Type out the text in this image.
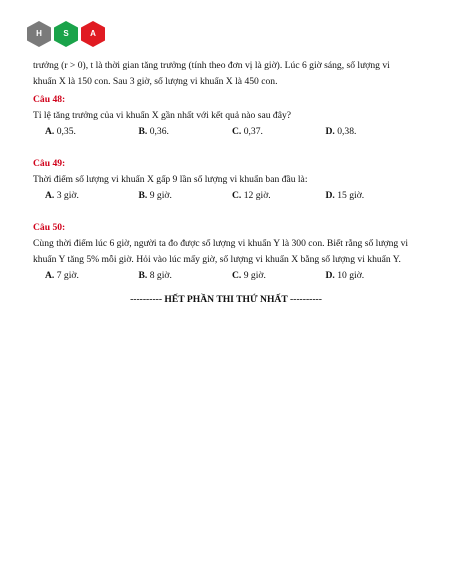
H	S	A

trưởng (r > 0), t là thời gian tăng trưởng (tính theo đơn vị là giờ). Lúc 6 giờ sáng, số lượng vi

khuẩn X là 150 con. Sau 3 giờ, số lượng vi khuẩn X là 450 con.

Câu 48:

Tỉ lệ tăng trưởng của vi khuẩn X gần nhất với kết quả nào sau đây?

A. 0,35.	B. 0,36.	C. 0,37.	D. 0,38.

Câu 49:

Thời điểm số lượng vi khuẩn X gấp 9 lần số lượng vi khuẩn ban đầu là:

A. 3 giờ.	B. 9 giờ.	C. 12 giờ.	D. 15 giờ.

Câu 50:

Cùng thời điểm lúc 6 giờ, người ta đo được số lượng vi khuẩn Y là 300 con. Biết rằng số lượng vi

khuẩn Y tăng 5% mỗi giờ. Hỏi vào lúc mấy giờ, số lượng vi khuẩn X bằng số lượng vi khuẩn Y.

A. 7 giờ.	B. 8 giờ.	C. 9 giờ.	D. 10 giờ.

---------- HẾT PHẦN THI THỨ NHẤT ----------
